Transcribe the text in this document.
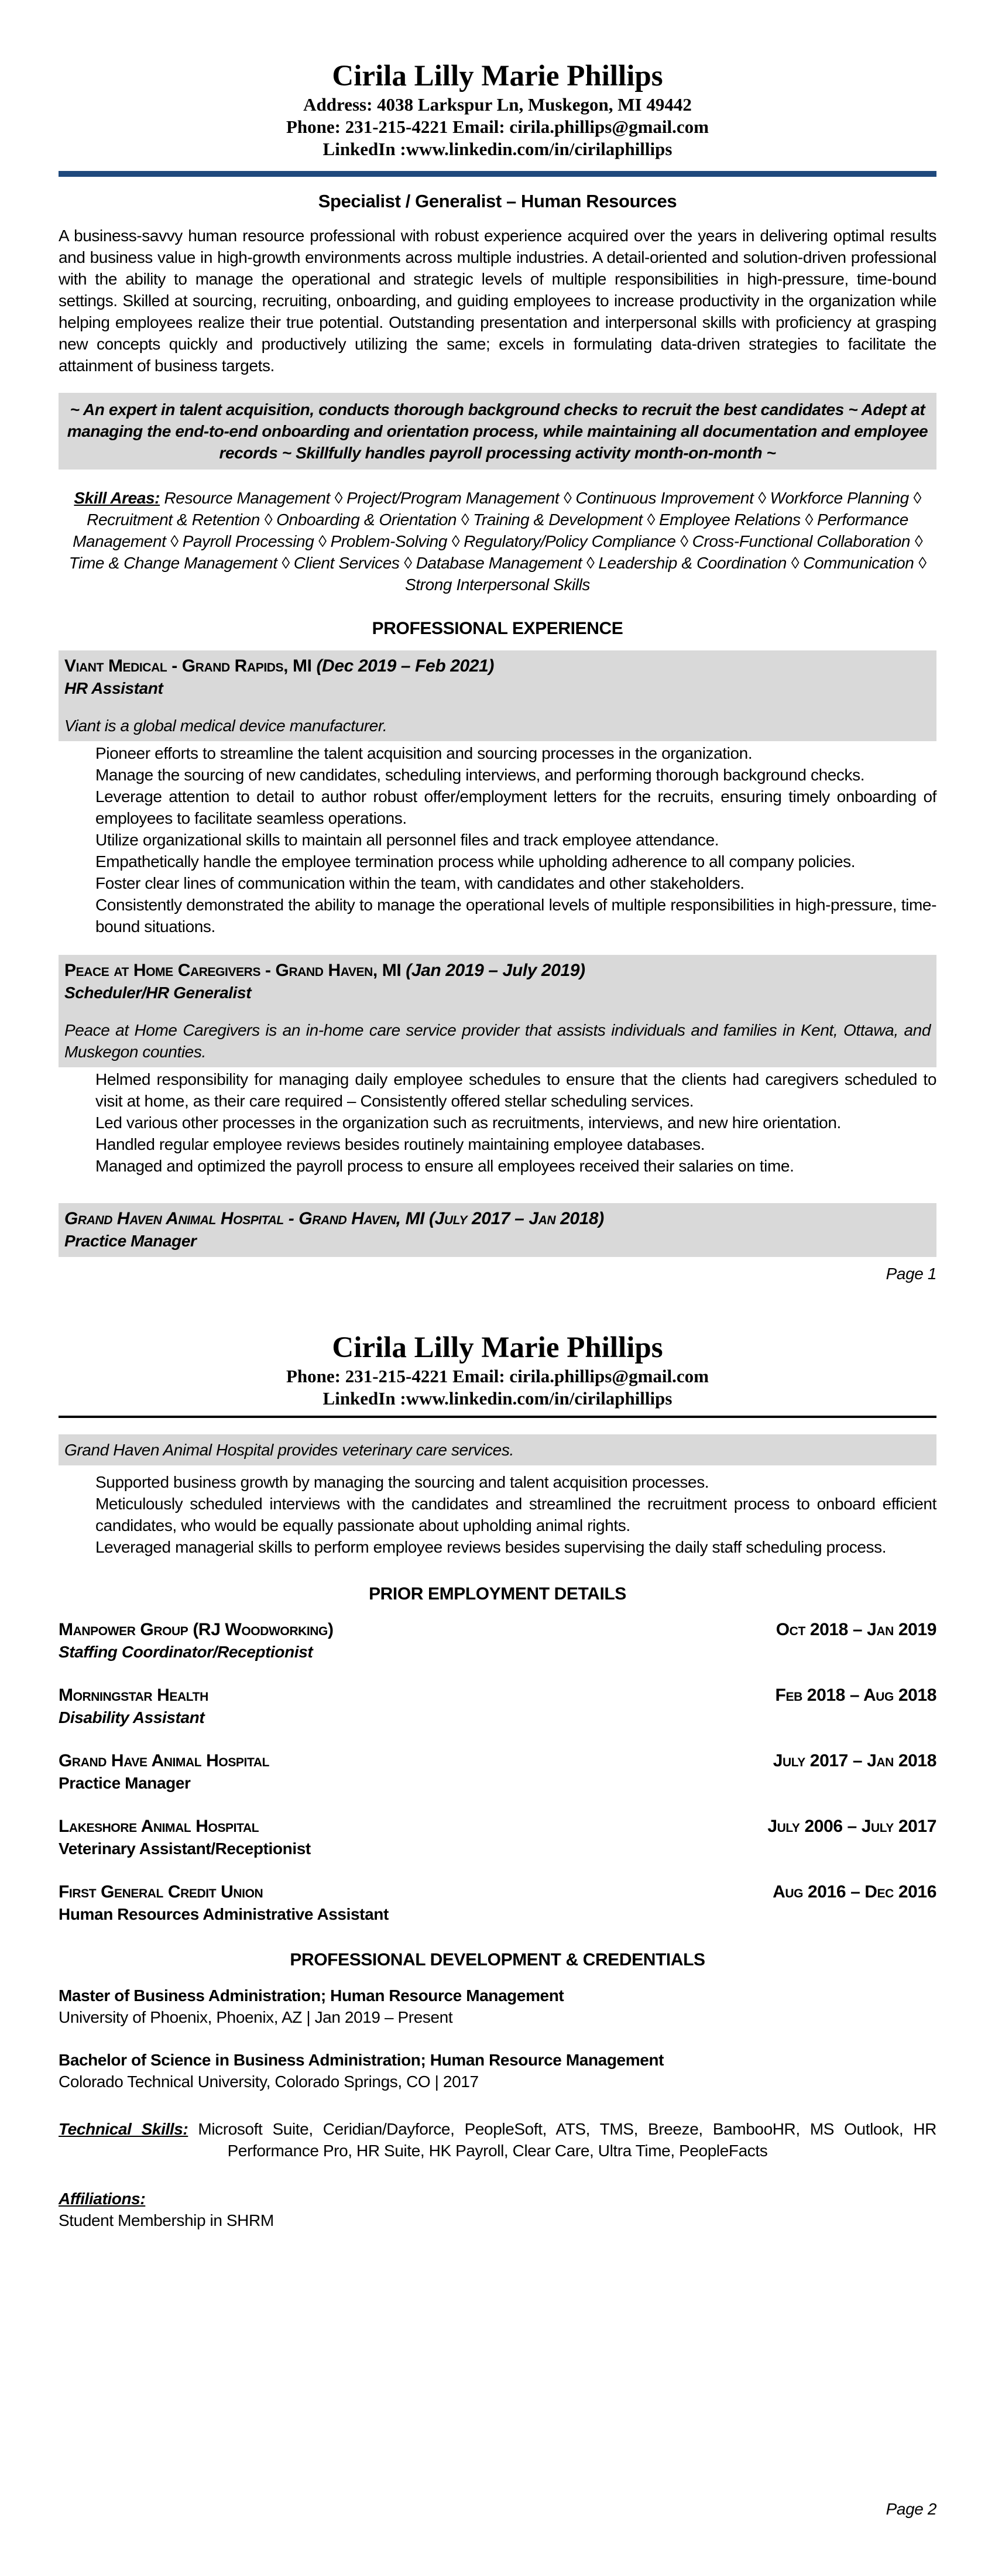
Cirila Lilly Marie Phillips
Address: 4038 Larkspur Ln, Muskegon, MI 49442
Phone: 231-215-4221 Email: cirila.phillips@gmail.com
LinkedIn :www.linkedin.com/in/cirilaphillips
Specialist / Generalist – Human Resources
A business-savvy human resource professional with robust experience acquired over the years in delivering optimal results and business value in high-growth environments across multiple industries. A detail-oriented and solution-driven professional with the ability to manage the operational and strategic levels of multiple responsibilities in high-pressure, time-bound settings. Skilled at sourcing, recruiting, onboarding, and guiding employees to increase productivity in the organization while helping employees realize their true potential. Outstanding presentation and interpersonal skills with proficiency at grasping new concepts quickly and productively utilizing the same; excels in formulating data-driven strategies to facilitate the attainment of business targets.
~ An expert in talent acquisition, conducts thorough background checks to recruit the best candidates ~ Adept at managing the end-to-end onboarding and orientation process, while maintaining all documentation and employee records ~ Skillfully handles payroll processing activity month-on-month ~
Skill Areas: Resource Management ◊ Project/Program Management ◊ Continuous Improvement ◊ Workforce Planning ◊ Recruitment & Retention ◊ Onboarding & Orientation ◊ Training & Development ◊ Employee Relations ◊ Performance Management ◊ Payroll Processing ◊ Problem-Solving ◊ Regulatory/Policy Compliance ◊ Cross-Functional Collaboration ◊ Time & Change Management ◊ Client Services ◊ Database Management ◊ Leadership & Coordination ◊ Communication ◊ Strong Interpersonal Skills
PROFESSIONAL EXPERIENCE
Viant Medical - Grand Rapids, MI (Dec 2019 – Feb 2021)
HR Assistant
Viant is a global medical device manufacturer.
Pioneer efforts to streamline the talent acquisition and sourcing processes in the organization.
Manage the sourcing of new candidates, scheduling interviews, and performing thorough background checks.
Leverage attention to detail to author robust offer/employment letters for the recruits, ensuring timely onboarding of employees to facilitate seamless operations.
Utilize organizational skills to maintain all personnel files and track employee attendance.
Empathetically handle the employee termination process while upholding adherence to all company policies.
Foster clear lines of communication within the team, with candidates and other stakeholders.
Consistently demonstrated the ability to manage the operational levels of multiple responsibilities in high-pressure, time-bound situations.
Peace at Home Caregivers - Grand Haven, MI (Jan 2019 – July 2019)
Scheduler/HR Generalist
Peace at Home Caregivers is an in-home care service provider that assists individuals and families in Kent, Ottawa, and Muskegon counties.
Helmed responsibility for managing daily employee schedules to ensure that the clients had caregivers scheduled to visit at home, as their care required – Consistently offered stellar scheduling services.
Led various other processes in the organization such as recruitments, interviews, and new hire orientation.
Handled regular employee reviews besides routinely maintaining employee databases.
Managed and optimized the payroll process to ensure all employees received their salaries on time.
Grand Haven Animal Hospital - Grand Haven, MI (July 2017 – Jan 2018)
Practice Manager
Page 1
Cirila Lilly Marie Phillips
Phone: 231-215-4221 Email: cirila.phillips@gmail.com
LinkedIn :www.linkedin.com/in/cirilaphillips
Grand Haven Animal Hospital provides veterinary care services.
Supported business growth by managing the sourcing and talent acquisition processes.
Meticulously scheduled interviews with the candidates and streamlined the recruitment process to onboard efficient candidates, who would be equally passionate about upholding animal rights.
Leveraged managerial skills to perform employee reviews besides supervising the daily staff scheduling process.
PRIOR EMPLOYMENT DETAILS
Manpower Group (RJ Woodworking)	Oct 2018 – Jan 2019
Staffing Coordinator/Receptionist
Morningstar Health	Feb 2018 – Aug 2018
Disability Assistant
Grand Have Animal Hospital	July 2017 – Jan 2018
Practice Manager
Lakeshore Animal Hospital	July 2006 – July 2017
Veterinary Assistant/Receptionist
First General Credit Union	Aug 2016 – Dec 2016
Human Resources Administrative Assistant
PROFESSIONAL DEVELOPMENT & CREDENTIALS
Master of Business Administration; Human Resource Management
University of Phoenix, Phoenix, AZ | Jan 2019 – Present
Bachelor of Science in Business Administration; Human Resource Management
Colorado Technical University, Colorado Springs, CO | 2017
Technical Skills: Microsoft Suite, Ceridian/Dayforce, PeopleSoft, ATS, TMS, Breeze, BambooHR, MS Outlook, HR Performance Pro, HR Suite, HK Payroll, Clear Care, Ultra Time, PeopleFacts
Affiliations:
Student Membership in SHRM
Page 2
